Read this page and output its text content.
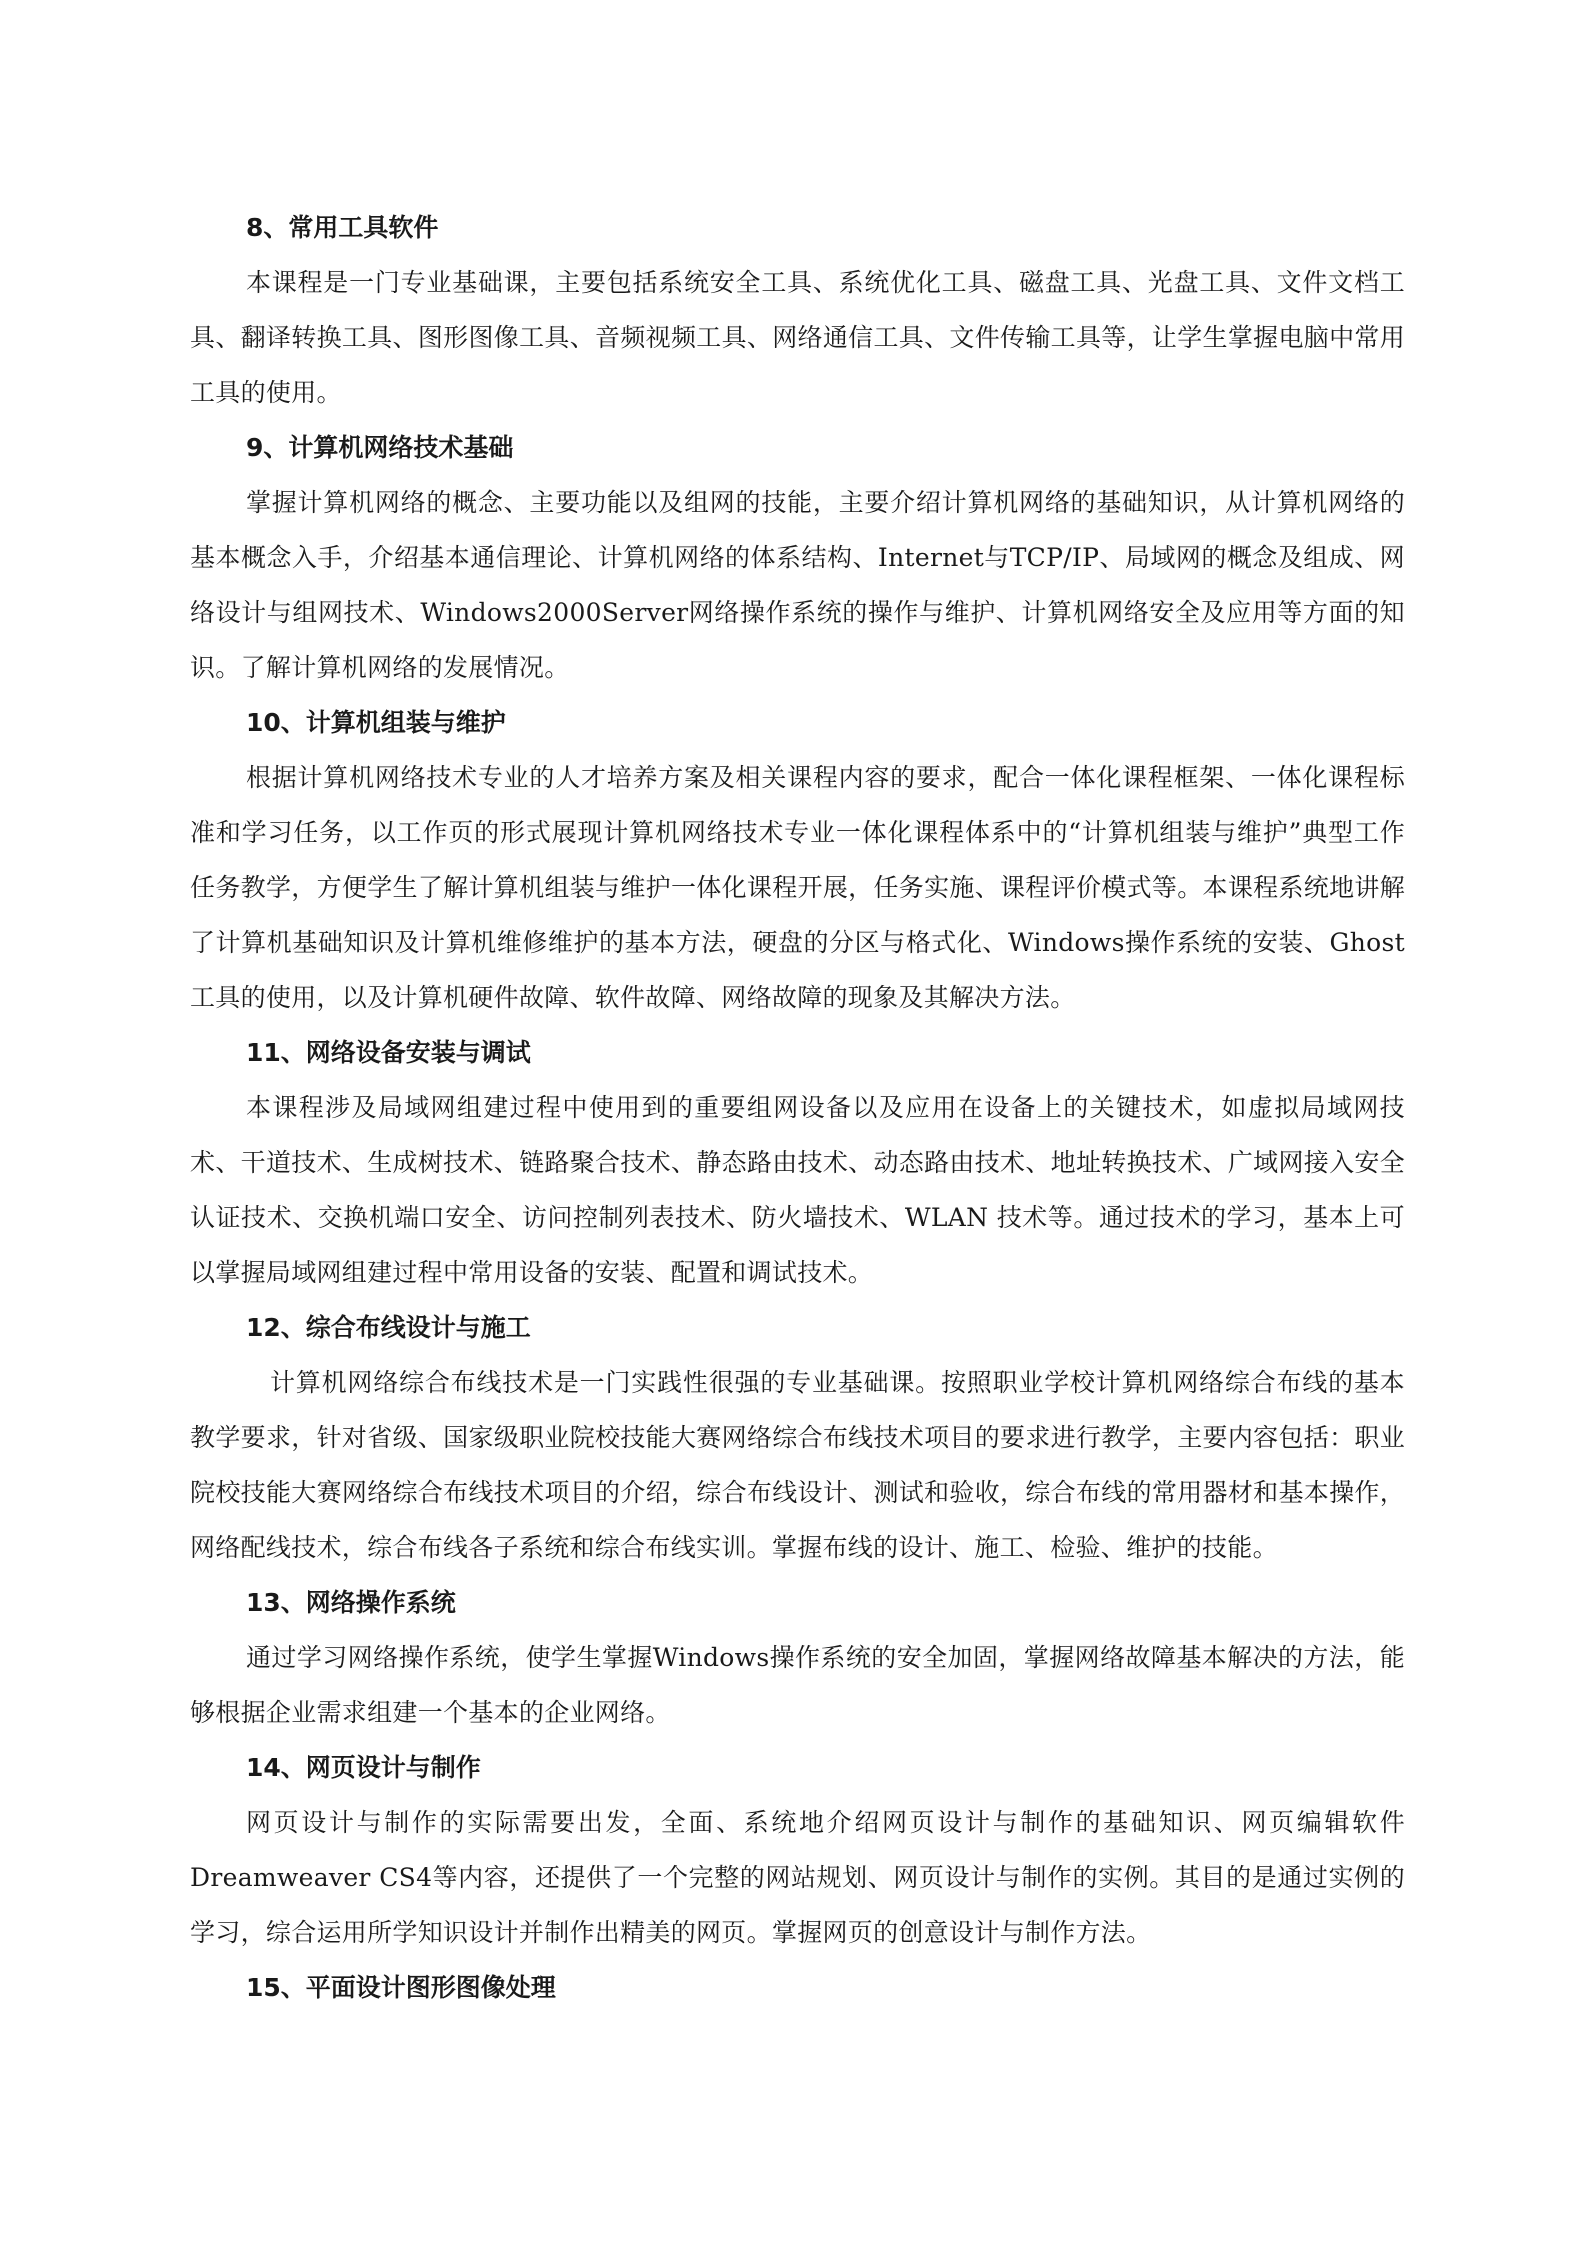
8、常用工具软件

本课程是一门专业基础课，主要包括系统安全工具、系统优化工具、磁盘工具、光盘工具、文件文档工具、翻译转换工具、图形图像工具、音频视频工具、网络通信工具、文件传输工具等，让学生掌握电脑中常用工具的使用。

9、计算机网络技术基础

掌握计算机网络的概念、主要功能以及组网的技能，主要介绍计算机网络的基础知识，从计算机网络的基本概念入手，介绍基本通信理论、计算机网络的体系结构、Internet与TCP/IP、局域网的概念及组成、网络设计与组网技术、Windows2000Server网络操作系统的操作与维护、计算机网络安全及应用等方面的知识。了解计算机网络的发展情况。

10、计算机组装与维护

根据计算机网络技术专业的人才培养方案及相关课程内容的要求，配合一体化课程框架、一体化课程标准和学习任务，以工作页的形式展现计算机网络技术专业一体化课程体系中的“计算机组装与维护”典型工作任务教学，方便学生了解计算机组装与维护一体化课程开展，任务实施、课程评价模式等。本课程系统地讲解了计算机基础知识及计算机维修维护的基本方法，硬盘的分区与格式化、Windows操作系统的安装、Ghost工具的使用，以及计算机硬件故障、软件故障、网络故障的现象及其解决方法。

11、网络设备安装与调试

本课程涉及局域网组建过程中使用到的重要组网设备以及应用在设备上的关键技术，如虚拟局域网技术、干道技术、生成树技术、链路聚合技术、静态路由技术、动态路由技术、地址转换技术、广域网接入安全认证技术、交换机端口安全、访问控制列表技术、防火墙技术、WLAN 技术等。通过技术的学习，基本上可以掌握局域网组建过程中常用设备的安装、配置和调试技术。

12、综合布线设计与施工

计算机网络综合布线技术是一门实践性很强的专业基础课。按照职业学校计算机网络综合布线的基本教学要求，针对省级、国家级职业院校技能大赛网络综合布线技术项目的要求进行教学，主要内容包括：职业院校技能大赛网络综合布线技术项目的介绍，综合布线设计、测试和验收，综合布线的常用器材和基本操作，网络配线技术，综合布线各子系统和综合布线实训。掌握布线的设计、施工、检验、维护的技能。

13、网络操作系统

通过学习网络操作系统，使学生掌握Windows操作系统的安全加固，掌握网络故障基本解决的方法，能够根据企业需求组建一个基本的企业网络。

14、网页设计与制作

网页设计与制作的实际需要出发，全面、系统地介绍网页设计与制作的基础知识、网页编辑软件Dreamweaver CS4等内容，还提供了一个完整的网站规划、网页设计与制作的实例。其目的是通过实例的学习，综合运用所学知识设计并制作出精美的网页。掌握网页的创意设计与制作方法。

15、平面设计图形图像处理
